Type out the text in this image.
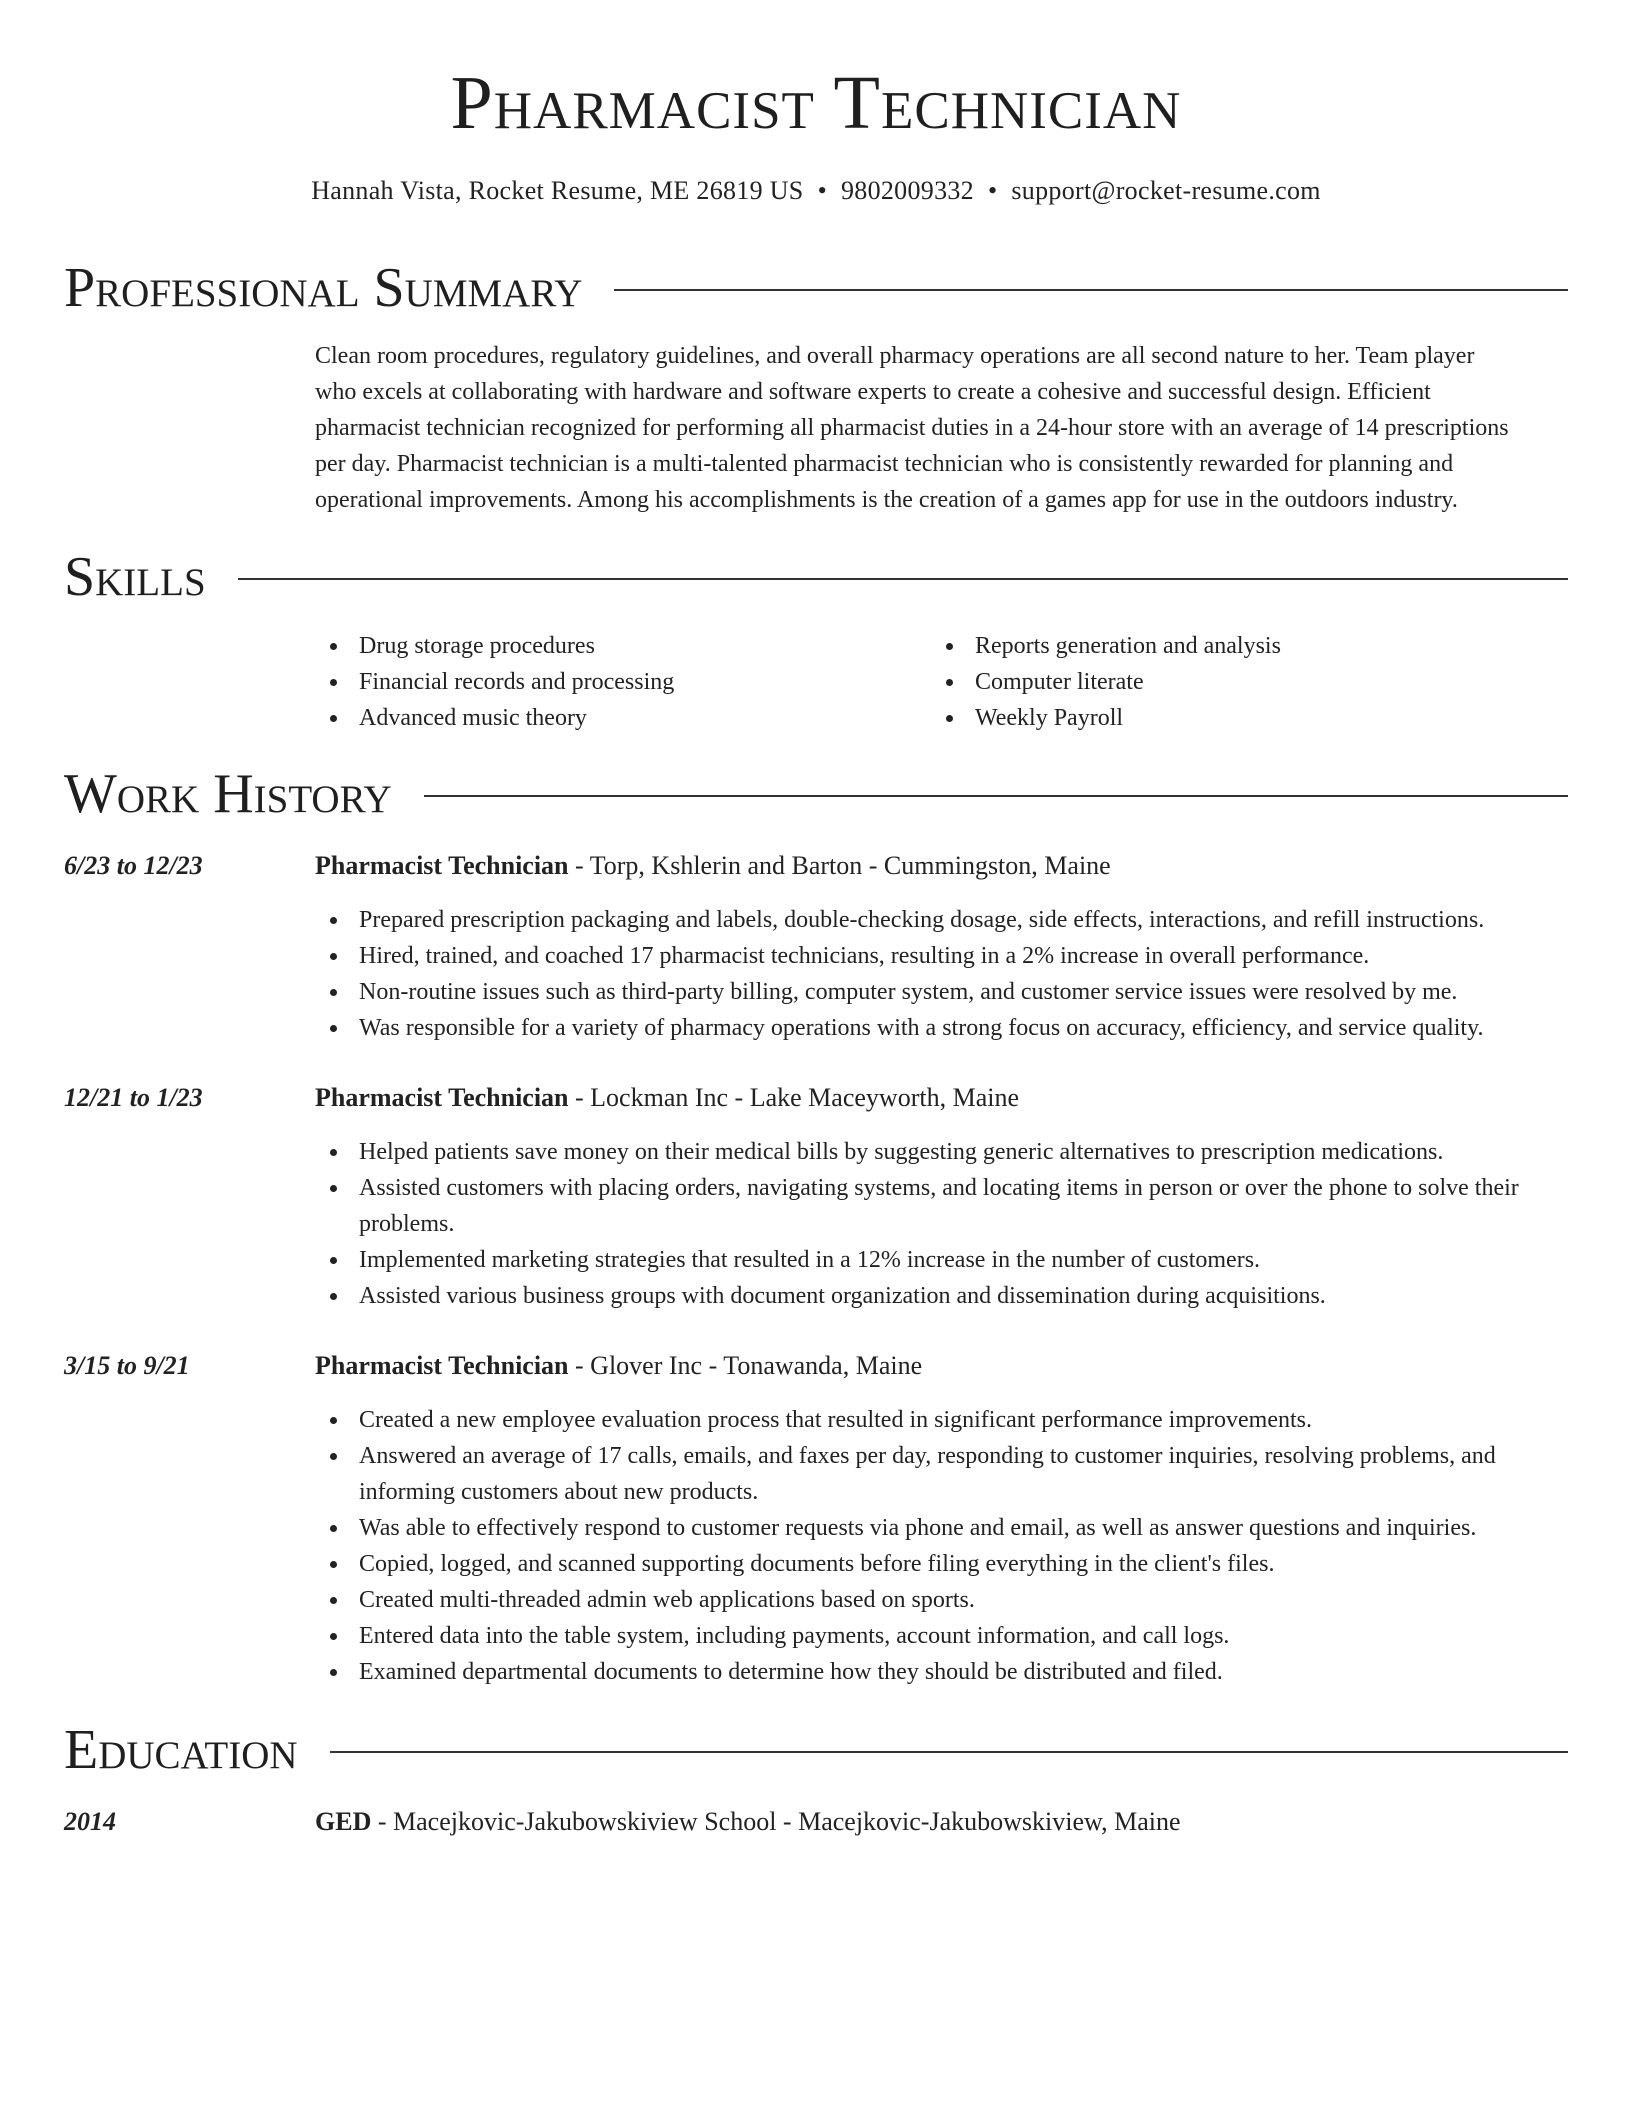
Pharmacist Technician
Hannah Vista, Rocket Resume, ME 26819 US • 9802009332 • support@rocket-resume.com
Professional Summary
Clean room procedures, regulatory guidelines, and overall pharmacy operations are all second nature to her. Team player
who excels at collaborating with hardware and software experts to create a cohesive and successful design. Efficient
pharmacist technician recognized for performing all pharmacist duties in a 24-hour store with an average of 14 prescriptions
per day. Pharmacist technician is a multi-talented pharmacist technician who is consistently rewarded for planning and
operational improvements. Among his accomplishments is the creation of a games app for use in the outdoors industry.
Skills
Drug storage procedures
Financial records and processing
Advanced music theory
Reports generation and analysis
Computer literate
Weekly Payroll
Work History
6/23 to 12/23	Pharmacist Technician - Torp, Kshlerin and Barton - Cummingston, Maine
Prepared prescription packaging and labels, double-checking dosage, side effects, interactions, and refill instructions.
Hired, trained, and coached 17 pharmacist technicians, resulting in a 2% increase in overall performance.
Non-routine issues such as third-party billing, computer system, and customer service issues were resolved by me.
Was responsible for a variety of pharmacy operations with a strong focus on accuracy, efficiency, and service quality.
12/21 to 1/23	Pharmacist Technician - Lockman Inc - Lake Maceyworth, Maine
Helped patients save money on their medical bills by suggesting generic alternatives to prescription medications.
Assisted customers with placing orders, navigating systems, and locating items in person or over the phone to solve their problems.
Implemented marketing strategies that resulted in a 12% increase in the number of customers.
Assisted various business groups with document organization and dissemination during acquisitions.
3/15 to 9/21	Pharmacist Technician - Glover Inc - Tonawanda, Maine
Created a new employee evaluation process that resulted in significant performance improvements.
Answered an average of 17 calls, emails, and faxes per day, responding to customer inquiries, resolving problems, and informing customers about new products.
Was able to effectively respond to customer requests via phone and email, as well as answer questions and inquiries.
Copied, logged, and scanned supporting documents before filing everything in the client's files.
Created multi-threaded admin web applications based on sports.
Entered data into the table system, including payments, account information, and call logs.
Examined departmental documents to determine how they should be distributed and filed.
Education
2014	GED - Macejkovic-Jakubowskiview School - Macejkovic-Jakubowskiview, Maine
